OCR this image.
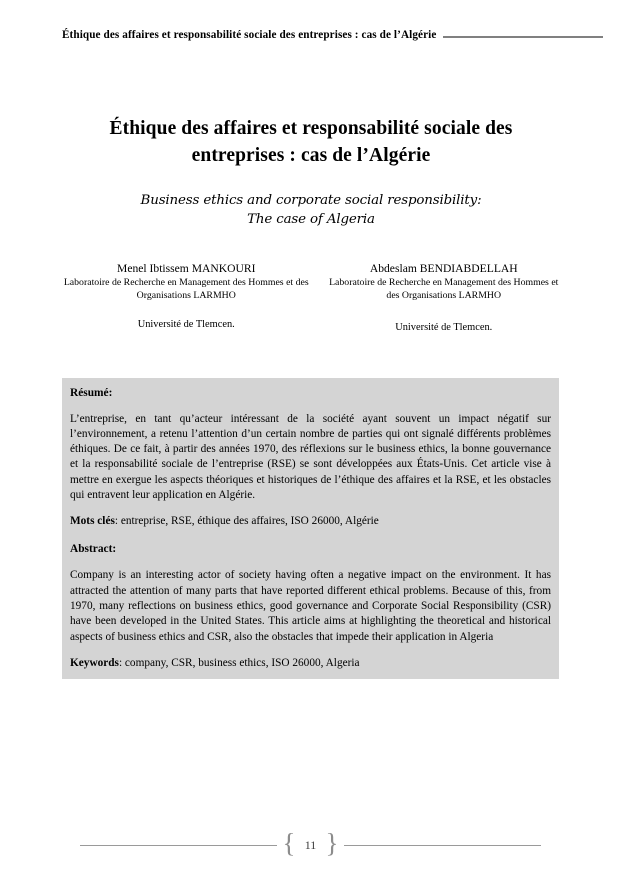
Éthique des affaires et responsabilité sociale des entreprises : cas de l’Algérie
Éthique des affaires et responsabilité sociale des entreprises : cas de l’Algérie

Business ethics and corporate social responsibility:

The case of Algeria

Menel Ibtissem MANKOURI

Laboratoire de Recherche en Management des Hommes et des Organisations LARMHO

Université de Tlemcen.

Abdeslam BENDIABDELLAH

Laboratoire de Recherche en Management des Hommes et des Organisations LARMHO

Université de Tlemcen.

Résumé:

L’entreprise, en tant qu’acteur intéressant de la société ayant souvent un impact négatif sur l’environnement, a retenu l’attention d’un certain nombre de parties qui ont signalé différents problèmes éthiques. De ce fait, à partir des années 1970, des réflexions sur le business ethics, la bonne gouvernance et la responsabilité sociale de l’entreprise (RSE) se sont développées aux États-Unis. Cet article vise à mettre en exergue les aspects théoriques et historiques de l’éthique des affaires et la RSE, et les obstacles qui entravent leur application en Algérie.

Mots clés: entreprise, RSE, éthique des affaires, ISO 26000, Algérie

Abstract:

Company is an interesting actor of society having often a negative impact on the environment. It has attracted the attention of many parts that have reported different ethical problems. Because of this, from 1970, many reflections on business ethics, good governance and Corporate Social Responsibility (CSR) have been developed in the United States. This article aims at highlighting the theoretical and historical aspects of business ethics and CSR, also the obstacles that impede their application in Algeria

Keywords: company, CSR, business ethics, ISO 26000, Algeria

{ 11 }
